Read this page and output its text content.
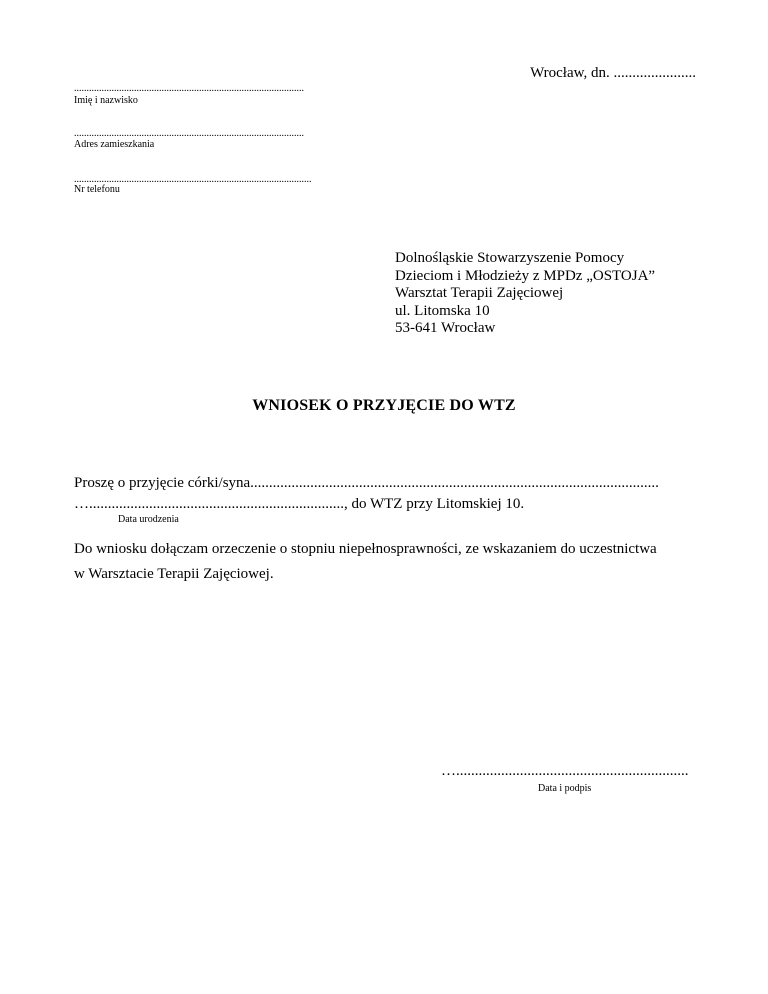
Wrocław, dn. ......................
............................................................................................
Imię i nazwisko
............................................................................................
Adres zamieszkania
...............................................................................................
Nr telefonu
Dolnośląskie Stowarzyszenie Pomocy
Dzieciom i Młodzieży z MPDz „OSTOJA”
Warsztat Terapii Zajęciowej
ul. Litomska 10
53-641 Wrocław
WNIOSEK O PRZYJĘCIE DO WTZ
Proszę o przyjęcie córki/syna.............................................................................................................
…...................................................................., do WTZ przy Litomskiej 10.
Data urodzenia
Do wniosku dołączam orzeczenie o stopniu niepełnosprawności, ze wskazaniem do uczestnictwa
w Warsztacie Terapii Zajęciowej.
…..............................................................
Data i podpis
